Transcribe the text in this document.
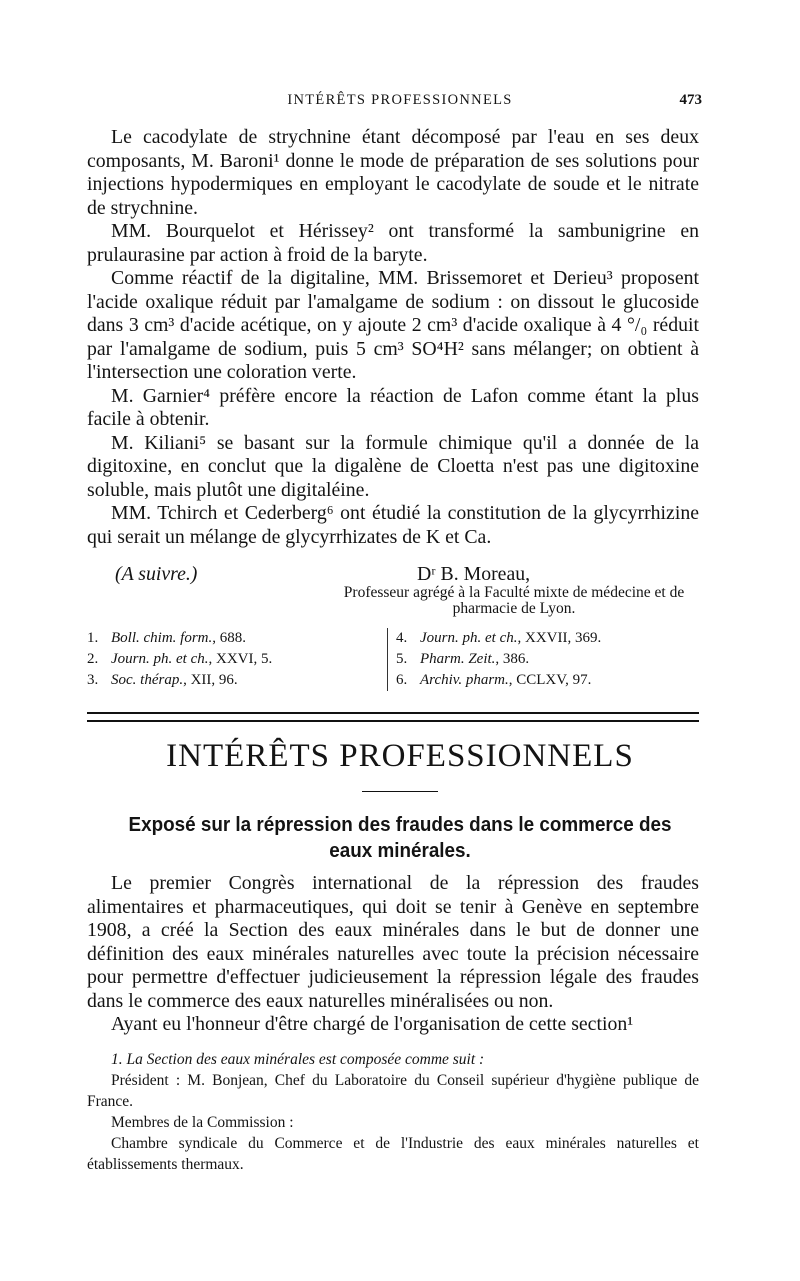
INTÉRÊTS PROFESSIONNELS	473

Le cacodylate de strychnine étant décomposé par l'eau en ses deux composants, M. Baroni¹ donne le mode de préparation de ses solutions pour injections hypodermiques en employant le cacodylate de soude et le nitrate de strychnine.

MM. Bourquelot et Hérissey² ont transformé la sambunigrine en prulaurasine par action à froid de la baryte.

Comme réactif de la digitaline, MM. Brissemoret et Derieu³ proposent l'acide oxalique réduit par l'amalgame de sodium : on dissout le glucoside dans 3 cm³ d'acide acétique, on y ajoute 2 cm³ d'acide oxalique à 4 °/₀ réduit par l'amalgame de sodium, puis 5 cm³ SO⁴H² sans mélanger; on obtient à l'intersection une coloration verte.

M. Garnier⁴ préfère encore la réaction de Lafon comme étant la plus facile à obtenir.

M. Kiliani⁵ se basant sur la formule chimique qu'il a donnée de la digitoxine, en conclut que la digalène de Cloetta n'est pas une digitoxine soluble, mais plutôt une digitaléine.

MM. Tchirch et Cederberg⁶ ont étudié la constitution de la glycyrrhizine qui serait un mélange de glycyrrhizates de K et Ca.

(A suivre.)	Dʳ B. Moreau,
Professeur agrégé à la Faculté mixte de médecine et de pharmacie de Lyon.
1. Boll. chim. form., 688.
2. Journ. ph. et ch., XXVI, 5.
3. Soc. thérap., XII, 96.
4. Journ. ph. et ch., XXVII, 369.
5. Pharm. Zeit., 386.
6. Archiv. pharm., CCLXV, 97.
INTÉRÊTS PROFESSIONNELS
Exposé sur la répression des fraudes dans le commerce des eaux minérales.

Le premier Congrès international de la répression des fraudes alimentaires et pharmaceutiques, qui doit se tenir à Genève en septembre 1908, a créé la Section des eaux minérales dans le but de donner une définition des eaux minérales naturelles avec toute la précision nécessaire pour permettre d'effectuer judicieusement la répression légale des fraudes dans le commerce des eaux naturelles minéralisées ou non.

Ayant eu l'honneur d'être chargé de l'organisation de cette section¹

1. La Section des eaux minérales est composée comme suit :

Président : M. Bonjean, Chef du Laboratoire du Conseil supérieur d'hygiène publique de France.

Membres de la Commission :

Chambre syndicale du Commerce et de l'Industrie des eaux minérales naturelles et établissements thermaux.
